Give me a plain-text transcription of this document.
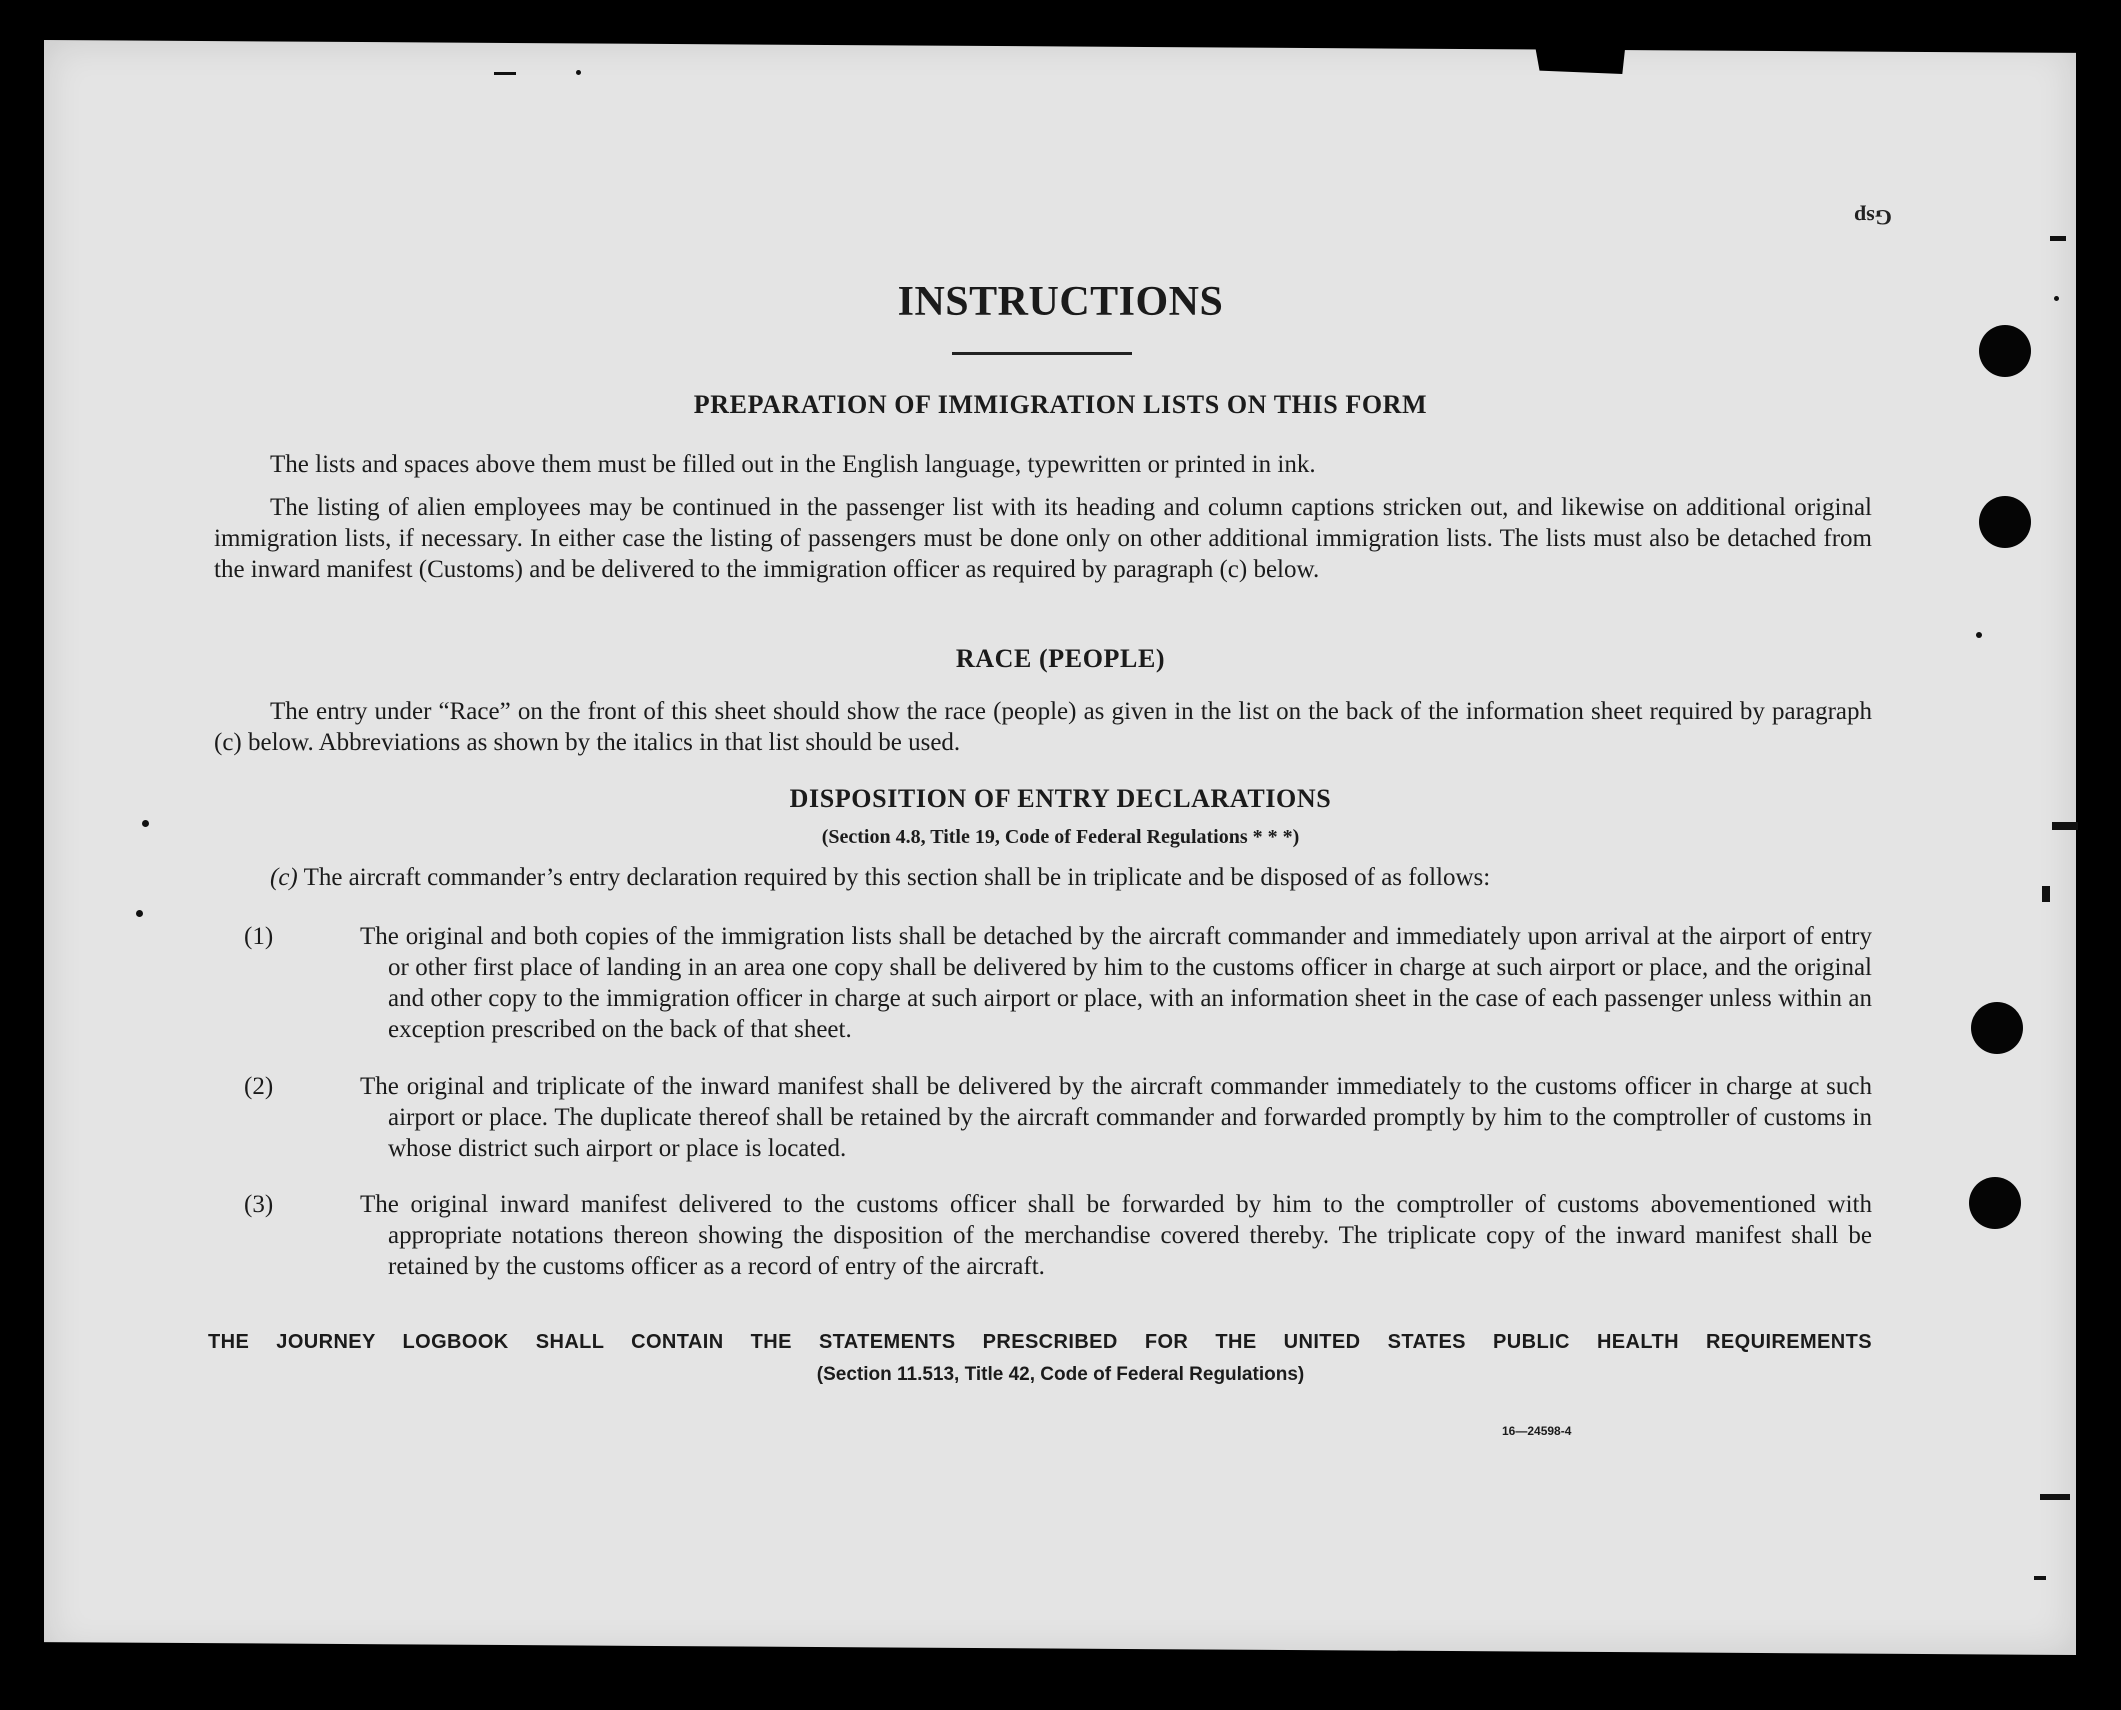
Gsp
INSTRUCTIONS
PREPARATION OF IMMIGRATION LISTS ON THIS FORM

The lists and spaces above them must be filled out in the English language, typewritten or printed in ink.

The listing of alien employees may be continued in the passenger list with its heading and column captions stricken out, and likewise on additional original immigration lists, if necessary. In either case the listing of passengers must be done only on other additional immigration lists. The lists must also be detached from the inward manifest (Customs) and be delivered to the immigration officer as required by paragraph (c) below.

RACE (PEOPLE)

The entry under “Race” on the front of this sheet should show the race (people) as given in the list on the back of the information sheet required by paragraph (c) below. Abbreviations as shown by the italics in that list should be used.

DISPOSITION OF ENTRY DECLARATIONS
(Section 4.8, Title 19, Code of Federal Regulations * * *)

(c) The aircraft commander’s entry declaration required by this section shall be in triplicate and be disposed of as follows:

(1)	The original and both copies of the immigration lists shall be detached by the aircraft commander and immediately upon arrival at the airport of entry or other first place of landing in an area one copy shall be delivered by him to the customs officer in charge at such airport or place, and the original and other copy to the immigration officer in charge at such airport or place, with an information sheet in the case of each passenger unless within an exception prescribed on the back of that sheet.

(2)	The original and triplicate of the inward manifest shall be delivered by the aircraft commander immediately to the customs officer in charge at such airport or place. The duplicate thereof shall be retained by the aircraft commander and forwarded promptly by him to the comptroller of customs in whose district such airport or place is located.

(3)	The original inward manifest delivered to the customs officer shall be forwarded by him to the comptroller of customs abovementioned with appropriate notations thereon showing the disposition of the merchandise covered thereby. The triplicate copy of the inward manifest shall be retained by the customs officer as a record of entry of the aircraft.

THE JOURNEY LOGBOOK SHALL CONTAIN THE STATEMENTS PRESCRIBED FOR THE UNITED STATES PUBLIC HEALTH REQUIREMENTS
(Section 11.513, Title 42, Code of Federal Regulations)
16—24598-4
